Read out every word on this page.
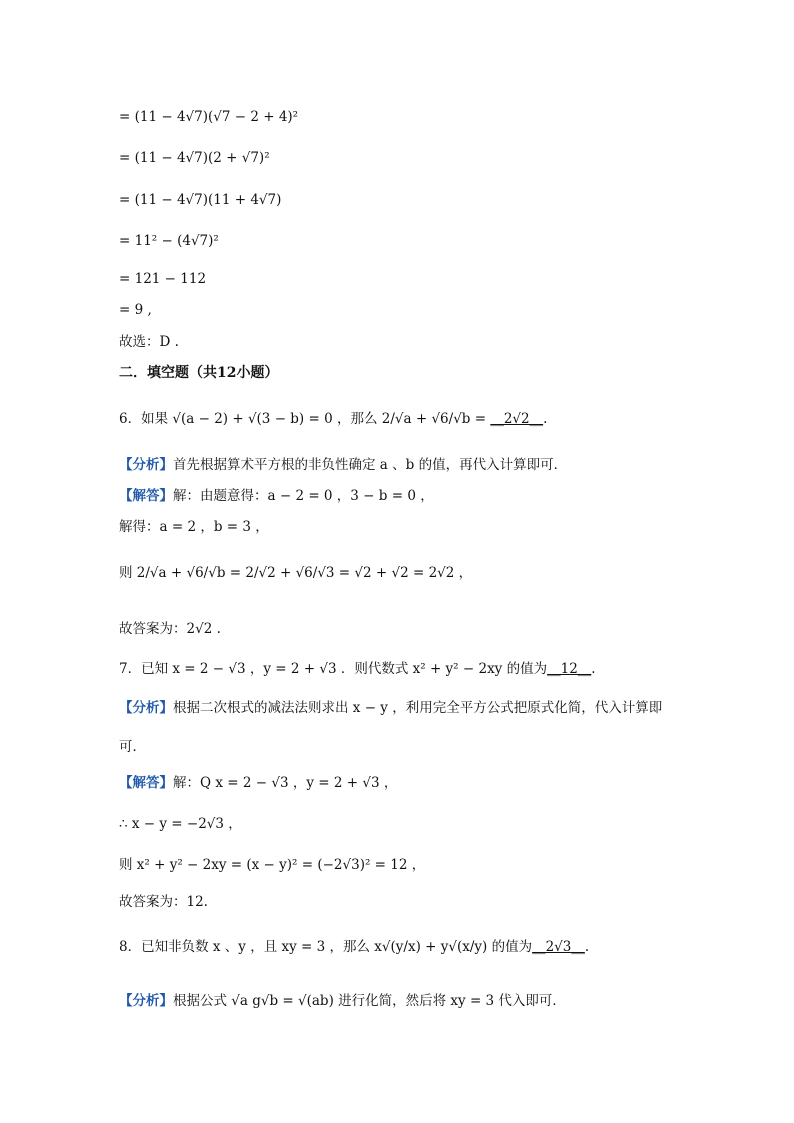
= (11 − 4√7)(√7 − 2 + 4)²
= (11 − 4√7)(2 + √7)²
= (11 − 4√7)(11 + 4√7)
= 11² − (4√7)²
= 121 − 112
= 9 ,
故选：D .
二．填空题（共12小题）
6．如果 √(a − 2) + √(3 − b) = 0 ，那么 2/√a + √6/√b = __2√2__.
【分析】首先根据算术平方根的非负性确定 a 、b 的值，再代入计算即可．
【解答】解：由题意得：a − 2 = 0 ，3 − b = 0 ，
解得：a = 2 ，b = 3 ，
则 2/√a + √6/√b = 2/√2 + √6/√3 = √2 + √2 = 2√2 ，
故答案为：2√2 .
7．已知 x = 2 − √3 ，y = 2 + √3 ．则代数式 x² + y² − 2xy 的值为__12__.
【分析】根据二次根式的减法法则求出 x − y ，利用完全平方公式把原式化简，代入计算即
可．
【解答】解：Q x = 2 − √3 ，y = 2 + √3 ，
∴ x − y = −2√3 ，
则 x² + y² − 2xy = (x − y)² = (−2√3)² = 12 ，
故答案为：12.
8．已知非负数 x 、y ，且 xy = 3 ，那么 x√(y/x) + y√(x/y) 的值为__2√3__.
【分析】根据公式 √a g√b = √(ab) 进行化简，然后将 xy = 3 代入即可．
